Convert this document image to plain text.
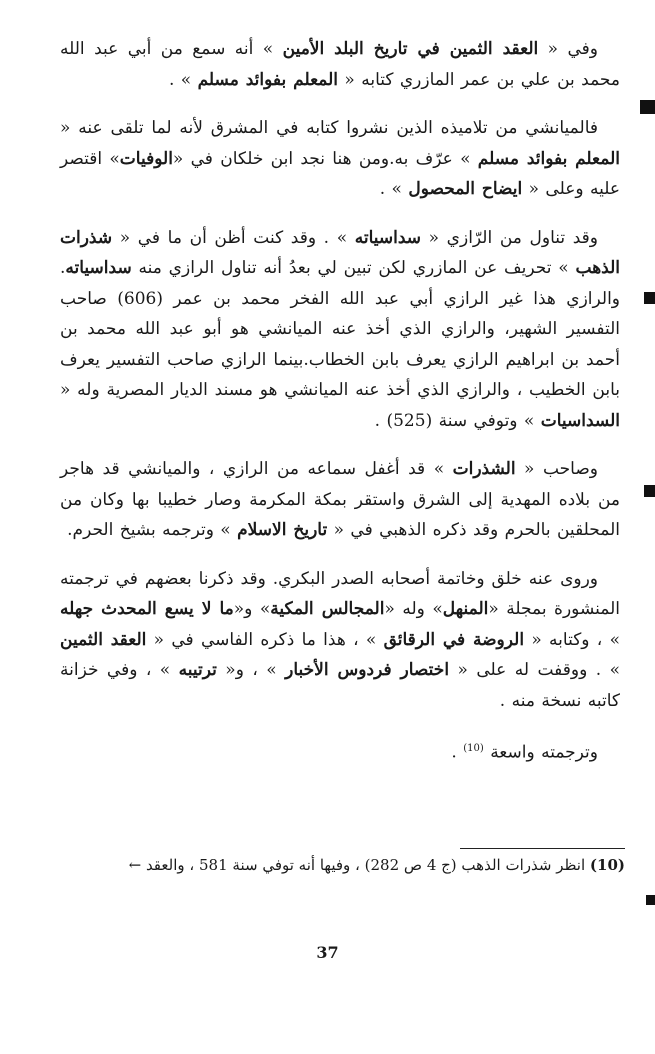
وفي « العقد الثمين في تاريخ البلد الأمين » أنه سمع من أبي عبد الله محمد بن علي بن عمر المازري كتابه « المعلم بفوائد مسلم » .

فالميانشي من تلاميذه الذين نشروا كتابه في المشرق لأنه لما تلقى عنه « المعلم بفوائد مسلم » عرّف به.ومن هنا نجد ابن خلكان في «الوفيات» اقتصر عليه وعلى « ايضاح المحصول » .

وقد تناول من الرّازي « سداسياته » . وقد كنت أظن أن ما في « شذرات الذهب » تحريف عن المازري لكن تبين لي بعدُ أنه تناول الرازي منه سداسياته. والرازي هذا غير الرازي أبي عبد الله الفخر محمد بن عمر (606) صاحب التفسير الشهير، والرازي الذي أخذ عنه الميانشي هو أبو عبد الله محمد بن أحمد بن ابراهيم الرازي يعرف بابن الخطاب.بينما الرازي صاحب التفسير يعرف بابن الخطيب ، والرازي الذي أخذ عنه الميانشي هو مسند الديار المصرية وله « السداسيات » وتوفي سنة (525) .

وصاحب « الشذرات » قد أغفل سماعه من الرازي ، والميانشي قد هاجر من بلاده المهدية إلى الشرق واستقر بمكة المكرمة وصار خطيبا بها وكان من المحلقين بالحرم وقد ذكره الذهبي في « تاريخ الاسلام » وترجمه بشيخ الحرم.

وروى عنه خلق وخاتمة أصحابه الصدر البكري. وقد ذكرنا بعضهم في ترجمته المنشورة بمجلة «المنهل» وله «المجالس المكية» و«ما لا يسع المحدث جهله » ، وكتابه « الروضة في الرقائق » ، هذا ما ذكره الفاسي في « العقد الثمين » . ووقفت له على « اختصار فردوس الأخبار » ، و« ترتيبه » ، وفي خزانة كاتبه نسخة منه .

وترجمته واسعة $^{(10)}$ .

(10) انظر شذرات الذهب (ج 4 ص 282) ، وفيها أنه توفي سنة 581 ، والعقد ←
37
